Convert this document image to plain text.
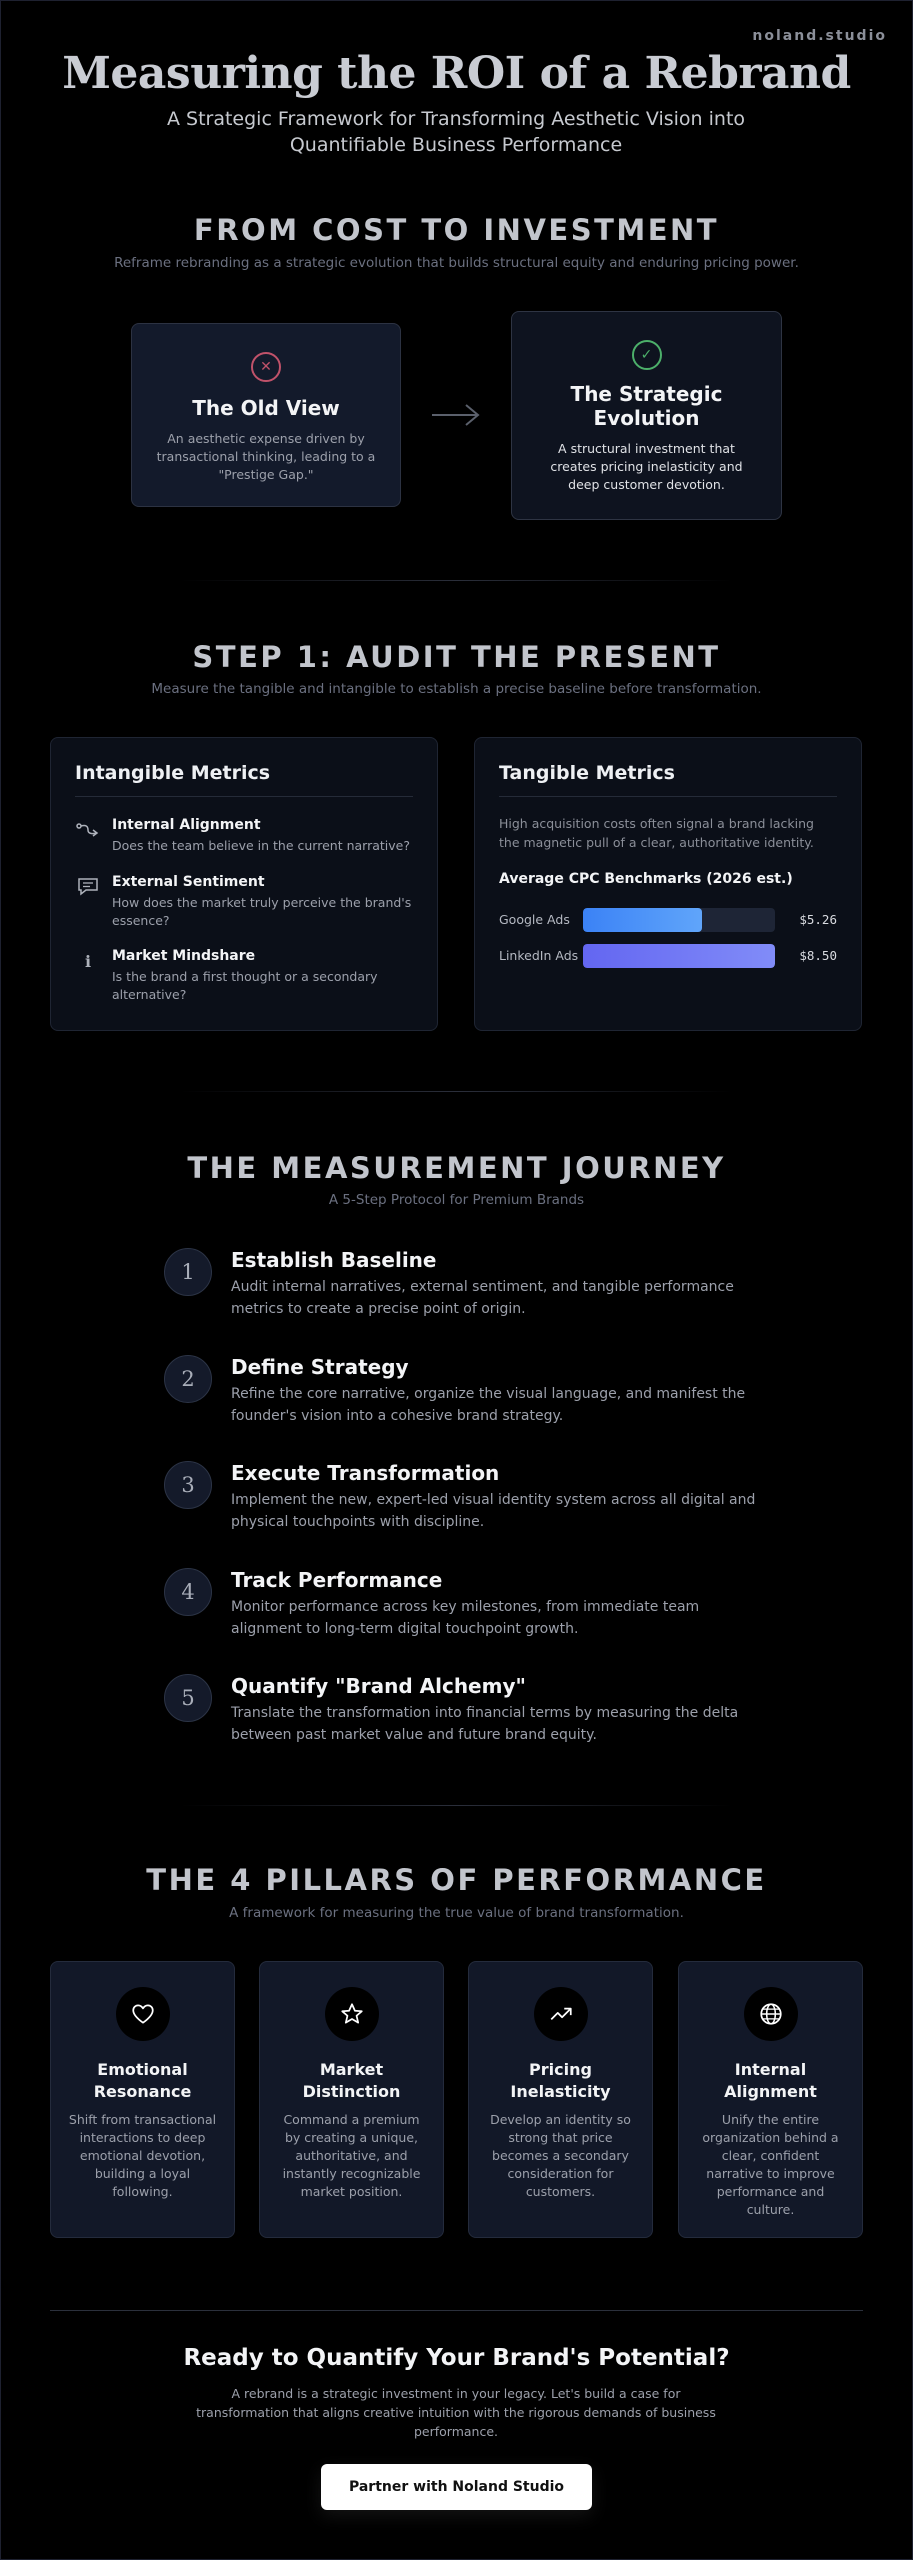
noland.studio
Measuring the ROI of a Rebrand

A Strategic Framework for Transforming Aesthetic Vision into Quantifiable Business Performance

FROM COST TO INVESTMENT

Reframe rebranding as a strategic evolution that builds structural equity and enduring pricing power.

✕
The Old View
An aesthetic expense driven by transactional thinking, leading to a "Prestige Gap."
✓
The Strategic Evolution
A structural investment that creates pricing inelasticity and deep customer devotion.
STEP 1: AUDIT THE PRESENT

Measure the tangible and intangible to establish a precise baseline before transformation.

Intangible Metrics
Internal Alignment
Does the team believe in the current narrative?
External Sentiment
How does the market truly perceive the brand's essence?
i	Market Mindshare
Is the brand a first thought or a secondary alternative?
Tangible Metrics
High acquisition costs often signal a brand lacking the magnetic pull of a clear, authoritative identity.
Average CPC Benchmarks (2026 est.)
Google Ads	$5.26
LinkedIn Ads	$8.50
THE MEASUREMENT JOURNEY

A 5-Step Protocol for Premium Brands

1	Establish Baseline
Audit internal narratives, external sentiment, and tangible performance metrics to create a precise point of origin.
2	Define Strategy
Refine the core narrative, organize the visual language, and manifest the founder's vision into a cohesive brand strategy.
3	Execute Transformation
Implement the new, expert-led visual identity system across all digital and physical touchpoints with discipline.
4	Track Performance
Monitor performance across key milestones, from immediate team alignment to long-term digital touchpoint growth.
5	Quantify "Brand Alchemy"
Translate the transformation into financial terms by measuring the delta between past market value and future brand equity.
THE 4 PILLARS OF PERFORMANCE

A framework for measuring the true value of brand transformation.

Emotional Resonance
Shift from transactional interactions to deep emotional devotion, building a loyal following.
Market Distinction
Command a premium by creating a unique, authoritative, and instantly recognizable market position.
Pricing Inelasticity
Develop an identity so strong that price becomes a secondary consideration for customers.
Internal Alignment
Unify the entire organization behind a clear, confident narrative to improve performance and culture.
Ready to Quantify Your Brand's Potential?

A rebrand is a strategic investment in your legacy. Let's build a case for transformation that aligns creative intuition with the rigorous demands of business performance.

Partner with Noland Studio
